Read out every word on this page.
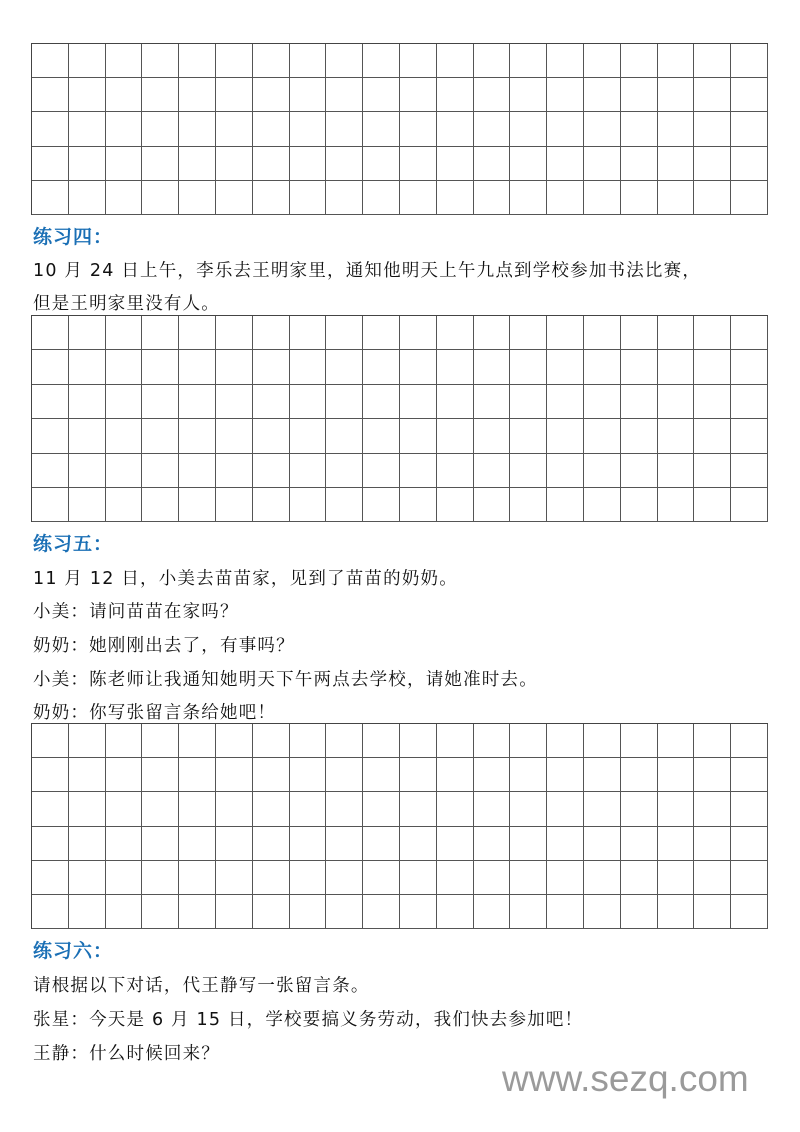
练习四：
10 月 24 日上午，李乐去王明家里，通知他明天上午九点到学校参加书法比赛，
但是王明家里没有人。
练习五：
11 月 12 日，小美去苗苗家，见到了苗苗的奶奶。
小美：请问苗苗在家吗？
奶奶：她刚刚出去了，有事吗？
小美：陈老师让我通知她明天下午两点去学校，请她准时去。
奶奶：你写张留言条给她吧！
练习六：
请根据以下对话，代王静写一张留言条。
张星：今天是 6 月 15 日，学校要搞义务劳动，我们快去参加吧！
王静：什么时候回来？
www.sezq.com
